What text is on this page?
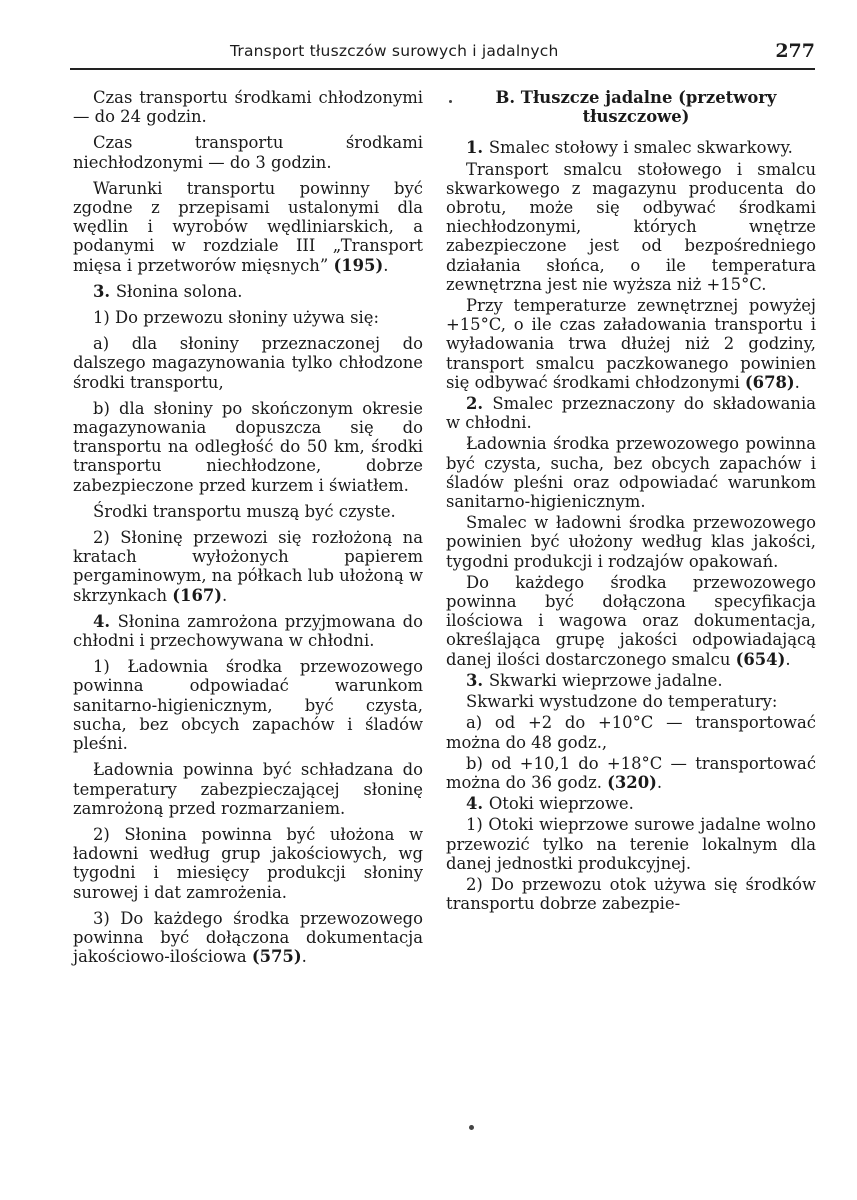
Transport tłuszczów surowych i jadalnych	277

Czas transportu środkami chłodzonymi — do 24 godzin.

Czas transportu środkami niechłodzonymi — do 3 godzin.

Warunki transportu powinny być zgodne z przepisami ustalonymi dla wędlin i wyrobów wędliniarskich, a podanymi w rozdziale III „Transport mięsa i przetworów mięsnych” (195).

3. Słonina solona.

1) Do przewozu słoniny używa się:

a) dla słoniny przeznaczonej do dalszego magazynowania tylko chłodzone środki transportu,

b) dla słoniny po skończonym okresie magazynowania dopuszcza się do transportu na odległość do 50 km, środki transportu niechłodzone, dobrze zabezpieczone przed kurzem i światłem.

Środki transportu muszą być czyste.

2) Słoninę przewozi się rozłożoną na kratach wyłożonych papierem pergaminowym, na półkach lub ułożoną w skrzynkach (167).

4. Słonina zamrożona przyjmowana do chłodni i przechowywana w chłodni.

1) Ładownia środka przewozowego powinna odpowiadać warunkom sanitarno-higienicznym, być czysta, sucha, bez obcych zapachów i śladów pleśni.

Ładownia powinna być schładzana do temperatury zabezpieczającej słoninę zamrożoną przed rozmarzaniem.

2) Słonina powinna być ułożona w ładowni według grup jakościowych, wg tygodni i miesięcy produkcji słoniny surowej i dat zamrożenia.

3) Do każdego środka przewozowego powinna być dołączona dokumentacja jakościowo-ilościowa (575).

B. Tłuszcze jadalne (przetwory tłuszczowe)

1. Smalec stołowy i smalec skwarkowy.

Transport smalcu stołowego i smalcu skwarkowego z magazynu producenta do obrotu, może się odbywać środkami niechłodzonymi, których wnętrze zabezpieczone jest od bezpośredniego działania słońca, o ile temperatura zewnętrzna jest nie wyższa niż +15°C.

Przy temperaturze zewnętrznej powyżej +15°C, o ile czas załadowania transportu i wyładowania trwa dłużej niż 2 godziny, transport smalcu paczkowanego powinien się odbywać środkami chłodzonymi (678).

2. Smalec przeznaczony do składowania w chłodni.

Ładownia środka przewozowego powinna być czysta, sucha, bez obcych zapachów i śladów pleśni oraz odpowiadać warunkom sanitarno-higienicznym.

Smalec w ładowni środka przewozowego powinien być ułożony według klas jakości, tygodni produkcji i rodzajów opakowań.

Do każdego środka przewozowego powinna być dołączona specyfikacja ilościowa i wagowa oraz dokumentacja, określająca grupę jakości odpowiadającą danej ilości dostarczonego smalcu (654).

3. Skwarki wieprzowe jadalne.

Skwarki wystudzone do temperatury:

a) od +2 do +10°C — transportować można do 48 godz.,

b) od +10,1 do +18°C — transportować można do 36 godz. (320).

4. Otoki wieprzowe.

1) Otoki wieprzowe surowe jadalne wolno przewozić tylko na terenie lokalnym dla danej jednostki produkcyjnej.

2) Do przewozu otok używa się środków transportu dobrze zabezpie-
